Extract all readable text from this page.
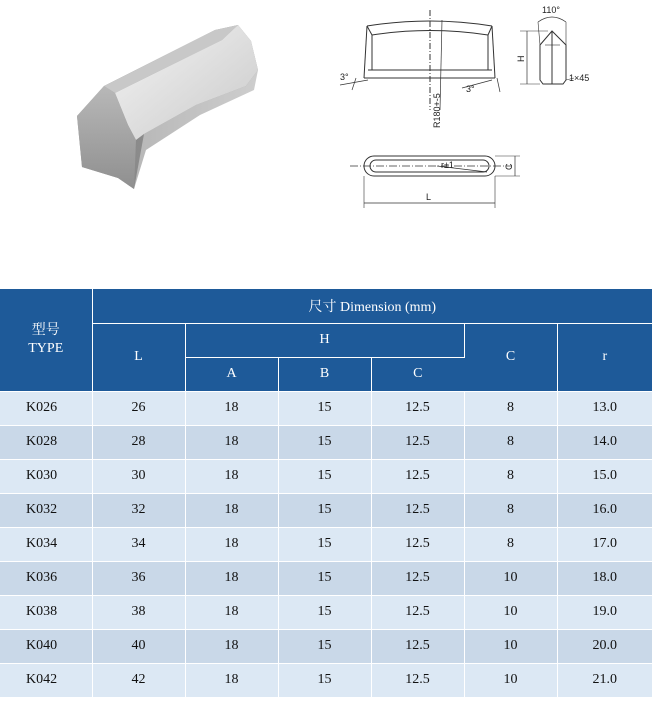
3°
3°
R180+-5
110°
H
1×45
r±1	C
L
型号
TYPE	尺寸 Dimension (mm)					
	L	H			C	r
		A	B	C		
K026	26	18	15	12.5	8	13.0
K028	28	18	15	12.5	8	14.0
K030	30	18	15	12.5	8	15.0
K032	32	18	15	12.5	8	16.0
K034	34	18	15	12.5	8	17.0
K036	36	18	15	12.5	10	18.0
K038	38	18	15	12.5	10	19.0
K040	40	18	15	12.5	10	20.0
K042	42	18	15	12.5	10	21.0
